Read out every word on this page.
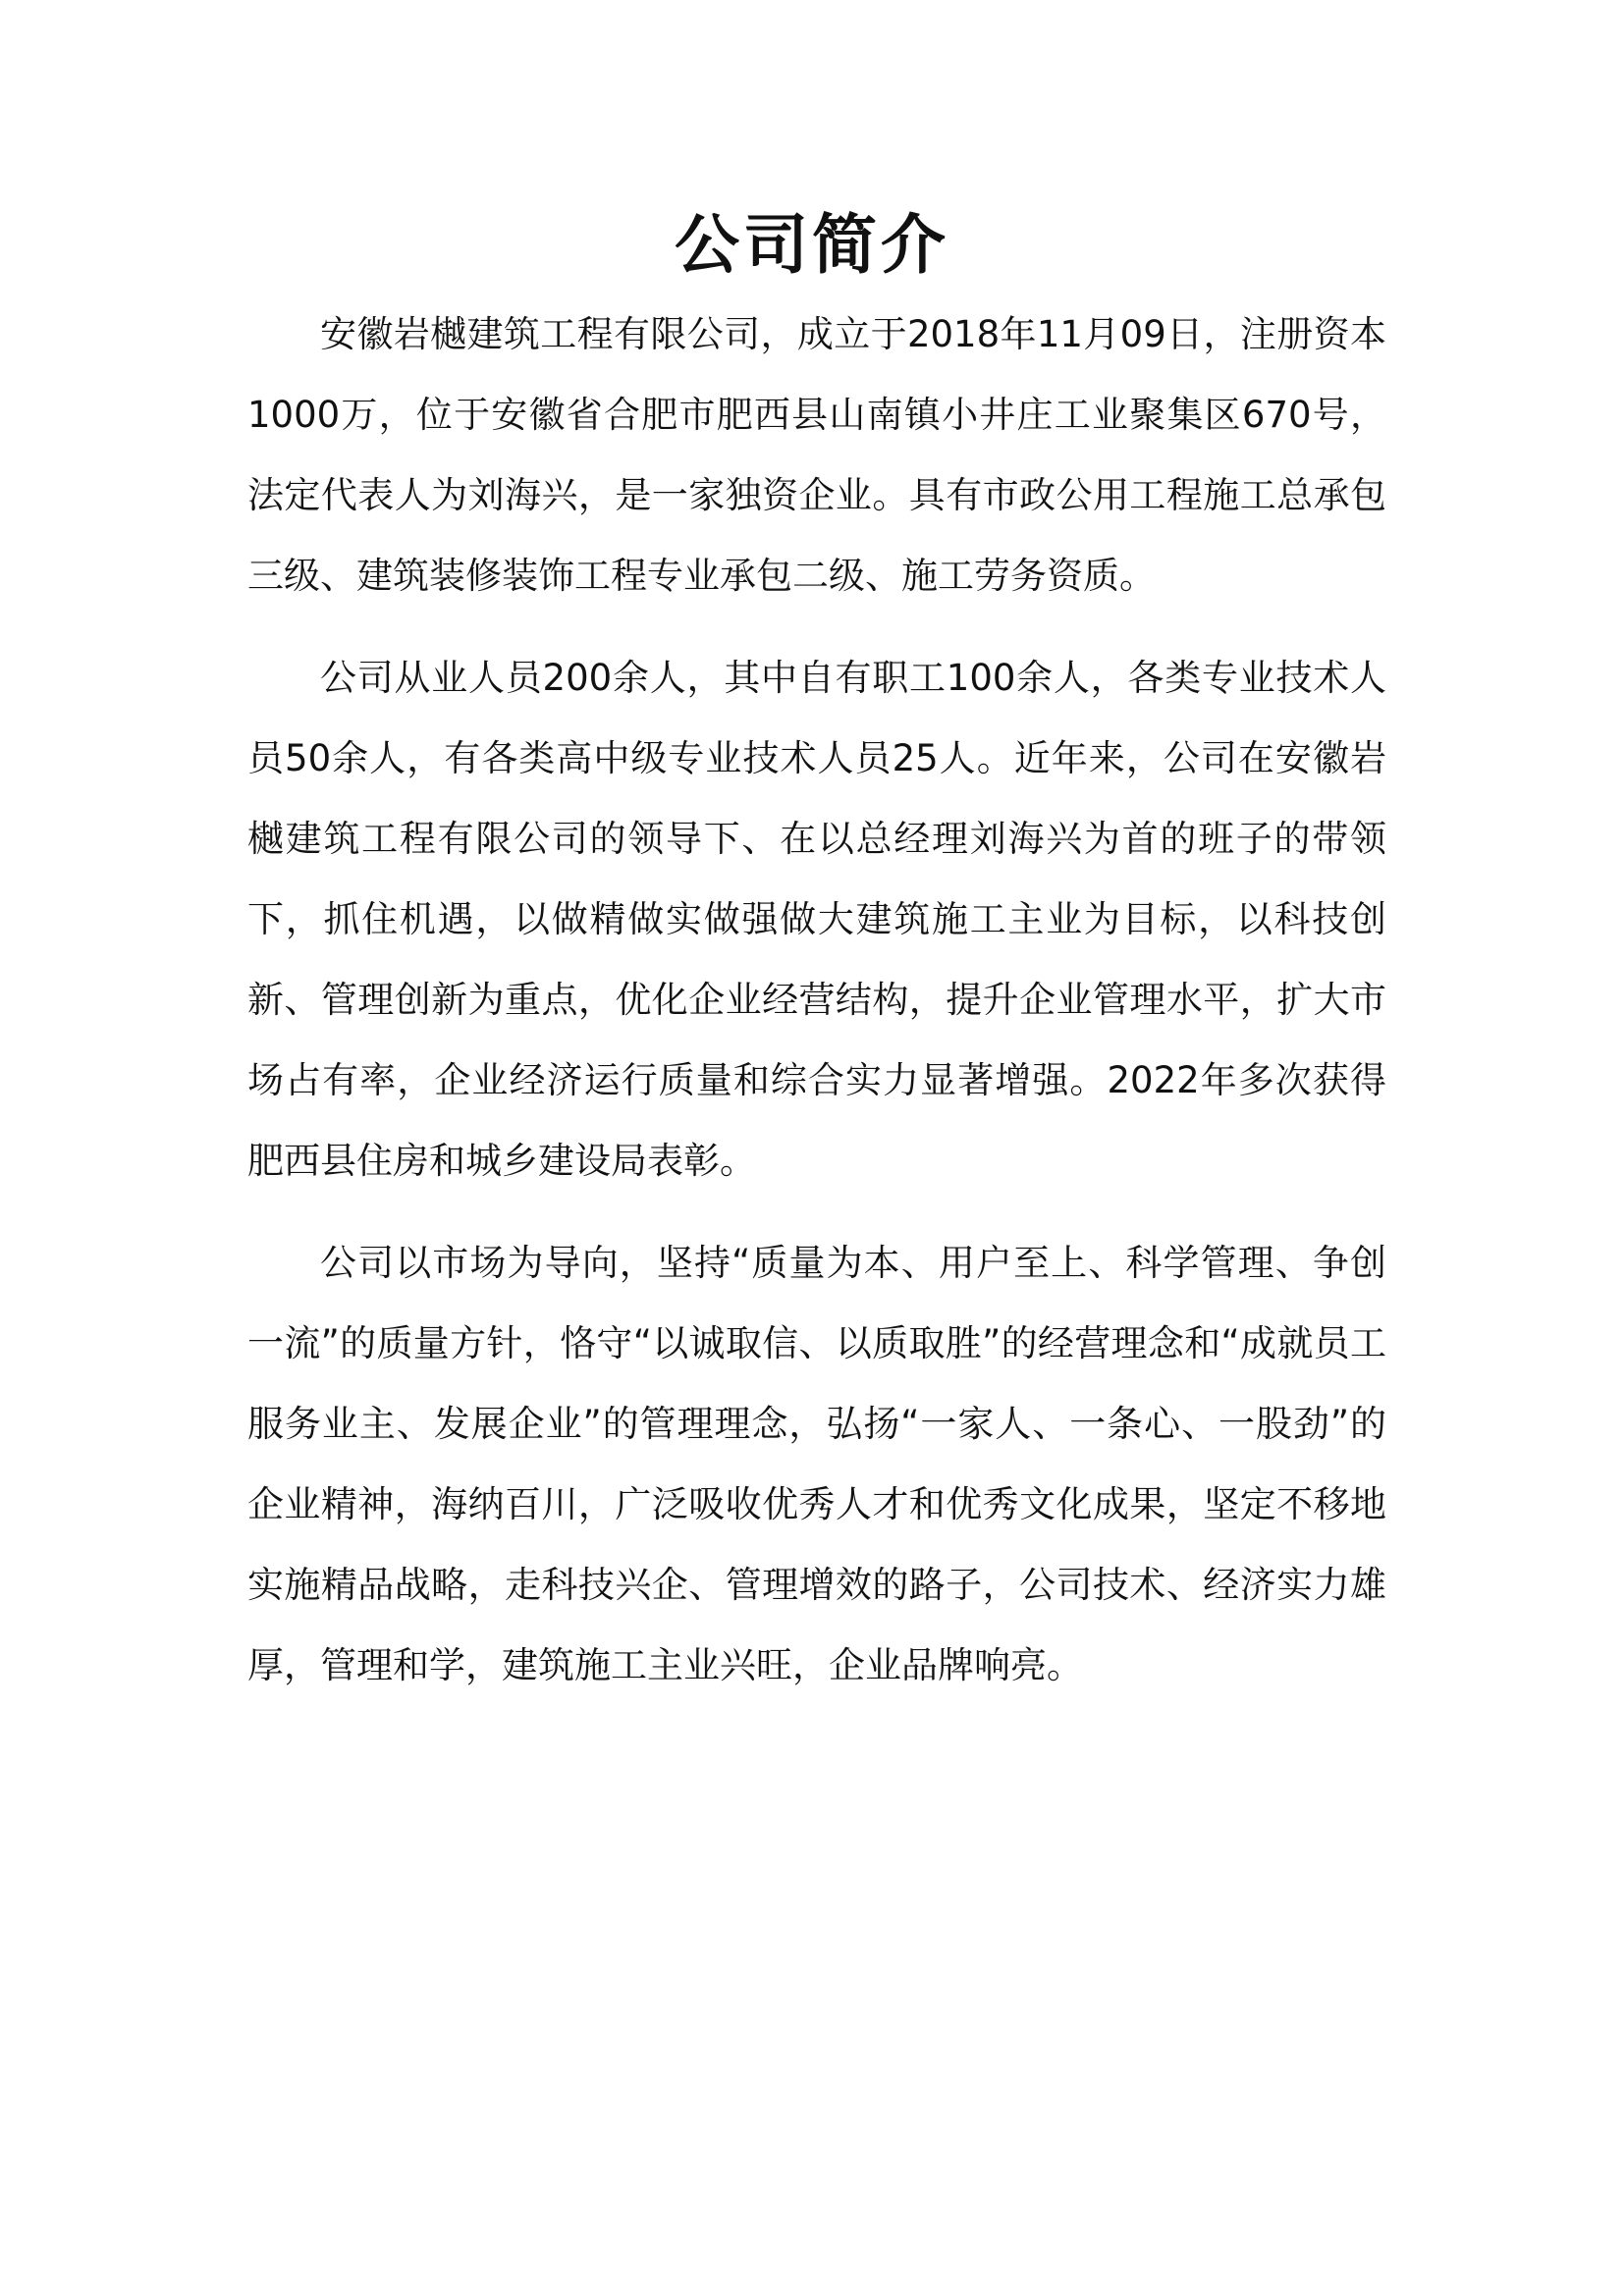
公司简介

安徽岩樾建筑工程有限公司，成立于2018年11月09日，注册资本1000万，位于安徽省合肥市肥西县山南镇小井庄工业聚集区670号，法定代表人为刘海兴，是一家独资企业。具有市政公用工程施工总承包三级、建筑装修装饰工程专业承包二级、施工劳务资质。

公司从业人员200余人，其中自有职工100余人，各类专业技术人员50余人，有各类高中级专业技术人员25人。近年来，公司在安徽岩樾建筑工程有限公司的领导下、在以总经理刘海兴为首的班子的带领下，抓住机遇，以做精做实做强做大建筑施工主业为目标，以科技创新、管理创新为重点，优化企业经营结构，提升企业管理水平，扩大市场占有率，企业经济运行质量和综合实力显著增强。2022年多次获得肥西县住房和城乡建设局表彰。

公司以市场为导向，坚持“质量为本、用户至上、科学管理、争创一流”的质量方针，恪守“以诚取信、以质取胜”的经营理念和“成就员工服务业主、发展企业”的管理理念，弘扬“一家人、一条心、一股劲”的企业精神，海纳百川，广泛吸收优秀人才和优秀文化成果，坚定不移地实施精品战略，走科技兴企、管理增效的路子，公司技术、经济实力雄厚，管理和学，建筑施工主业兴旺，企业品牌响亮。
